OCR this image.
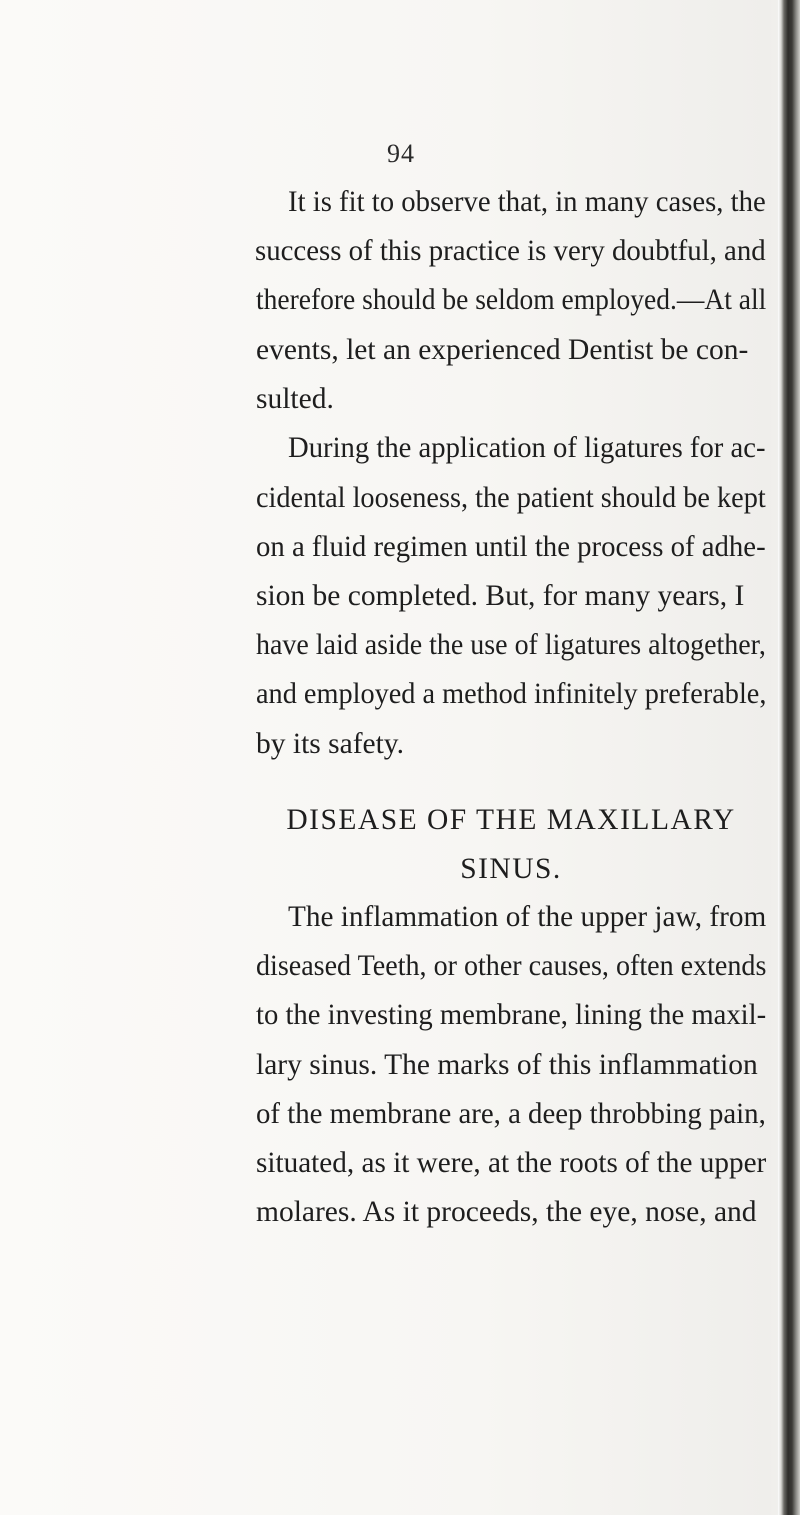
94
It is fit to observe that, in many cases, the
success of this practice is very doubtful, and
therefore should be seldom employed.—At all
events, let an experienced Dentist be con-
sulted.
During the application of ligatures for ac-
cidental looseness, the patient should be kept
on a fluid regimen until the process of adhe-
sion be completed. But, for many years, I
have laid aside the use of ligatures altogether,
and employed a method infinitely preferable,
by its safety.
DISEASE OF THE MAXILLARY
SINUS.
The inflammation of the upper jaw, from
diseased Teeth, or other causes, often extends
to the investing membrane, lining the maxil-
lary sinus. The marks of this inflammation
of the membrane are, a deep throbbing pain,
situated, as it were, at the roots of the upper
molares. As it proceeds, the eye, nose, and
